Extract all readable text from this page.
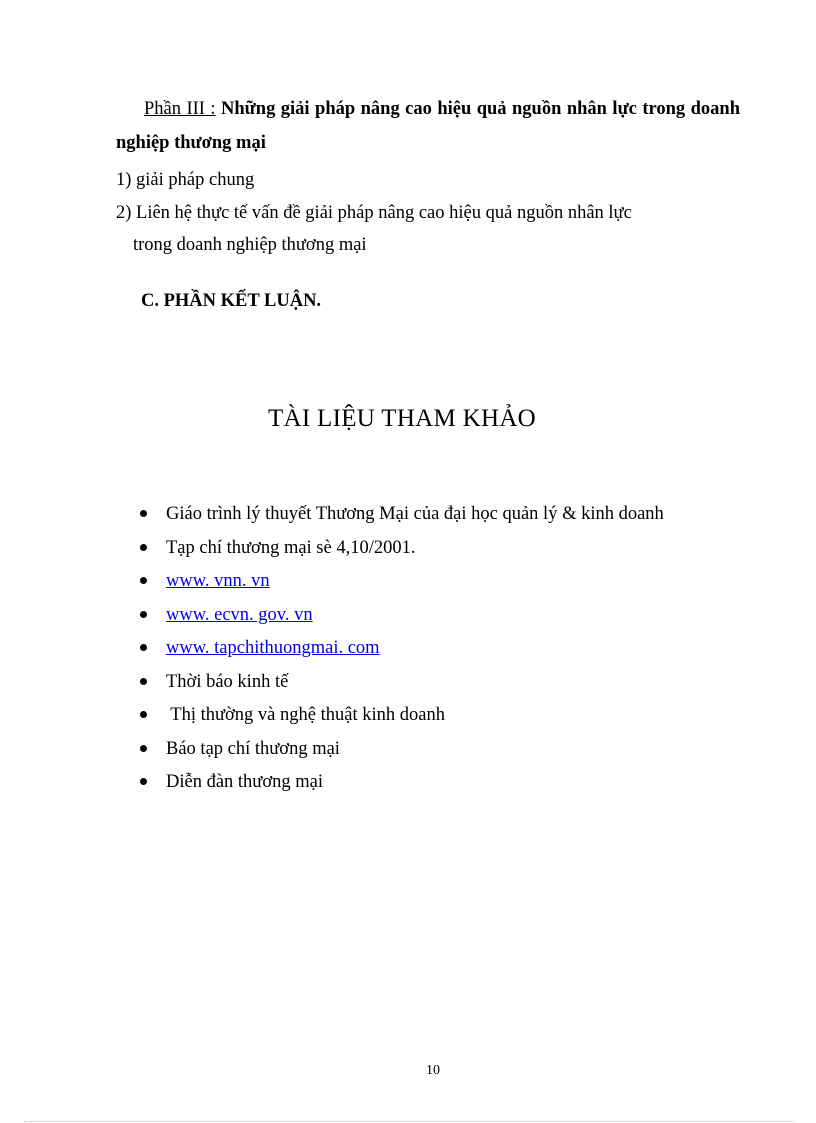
Phần III : Những giải pháp nâng cao hiệu quả nguồn nhân lực trong doanh nghiệp thương mại

1) giải pháp chung

2) Liên hệ thực tế vấn đề giải pháp nâng cao hiệu quả nguồn nhân lực

trong doanh nghiệp thương mại

C. PHẦN KẾT LUẬN.

TÀI LIỆU THAM KHẢO
Giáo trình lý thuyết Thương Mại của đại học quản lý & kinh doanh
Tạp chí thương mại sè 4,10/2001.
www. vnn. vn
www. ecvn. gov. vn
www. tapchithuongmai. com
Thời báo kinh tế
Thị thường và nghệ thuật kinh doanh
Báo tạp chí thương mại
Diễn đàn thương mại

10
